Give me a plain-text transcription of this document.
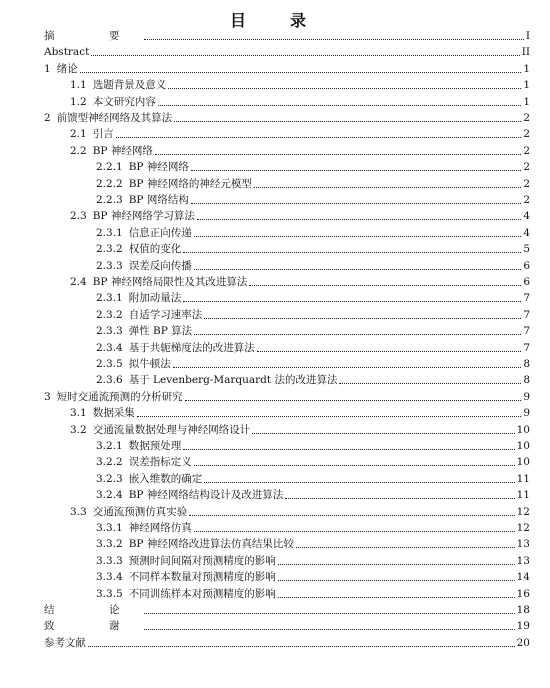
目　录
摘　要	I
Abstract	II
1 绪论	1
1.1 选题背景及意义	1
1.2 本文研究内容	1
2 前馈型神经网络及其算法	2
2.1 引言	2
2.2 BP 神经网络	2
2.2.1 BP 神经网络	2
2.2.2 BP 神经网络的神经元模型	2
2.2.3 BP 网络结构	2
2.3 BP 神经网络学习算法	4
2.3.1 信息正向传递	4
2.3.2 权值的变化	5
2.3.3 误差反向传播	6
2.4 BP 神经网络局限性及其改进算法	6
2.3.1 附加动量法	7
2.3.2 自适学习速率法	7
2.3.3 弹性 BP 算法	7
2.3.4 基于共轭梯度法的改进算法	7
2.3.5 拟牛顿法	8
2.3.6 基于 Levenberg-Marquardt 法的改进算法	8
3 短时交通流预测的分析研究	9
3.1 数据采集	9
3.2 交通流量数据处理与神经网络设计	10
3.2.1 数据预处理	10
3.2.2 误差指标定义	10
3.2.3 嵌入维数的确定	11
3.2.4 BP 神经网络结构设计及改进算法	11
3.3 交通流预测仿真实验	12
3.3.1 神经网络仿真	12
3.3.2 BP 神经网络改进算法仿真结果比较	13
3.3.3 预测时间间隔对预测精度的影响	13
3.3.4 不同样本数量对预测精度的影响	14
3.3.5 不同训练样本对预测精度的影响	16
结　论	18
致　谢	19
参考文献	20
